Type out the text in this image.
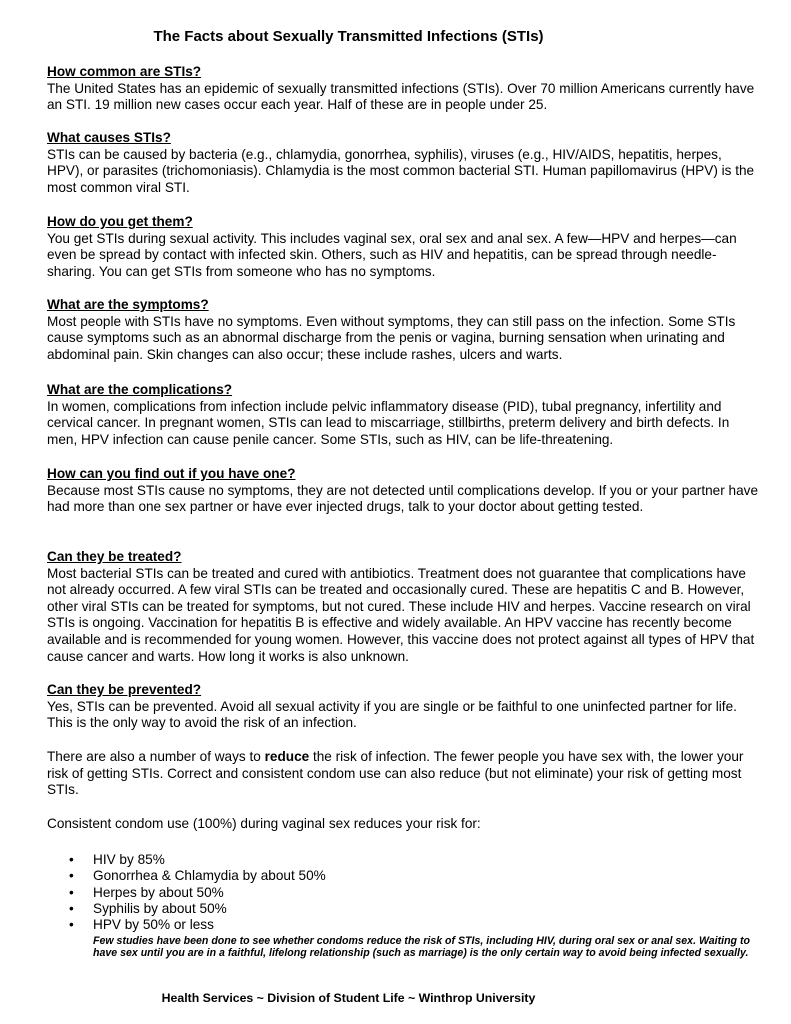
The Facts about Sexually Transmitted Infections (STIs)
How common are STIs?
The United States has an epidemic of sexually transmitted infections (STIs). Over 70 million Americans currently have an STI. 19 million new cases occur each year. Half of these are in people under 25.
What causes STIs?
STIs can be caused by bacteria (e.g., chlamydia, gonorrhea, syphilis), viruses (e.g., HIV/AIDS, hepatitis, herpes, HPV), or parasites (trichomoniasis). Chlamydia is the most common bacterial STI. Human papillomavirus (HPV) is the most common viral STI.
How do you get them?
You get STIs during sexual activity. This includes vaginal sex, oral sex and anal sex. A few—HPV and herpes—can even be spread by contact with infected skin. Others, such as HIV and hepatitis, can be spread through needle-sharing. You can get STIs from someone who has no symptoms.
What are the symptoms?
Most people with STIs have no symptoms. Even without symptoms, they can still pass on the infection. Some STIs cause symptoms such as an abnormal discharge from the penis or vagina, burning sensation when urinating and abdominal pain. Skin changes can also occur; these include rashes, ulcers and warts.
What are the complications?
In women, complications from infection include pelvic inflammatory disease (PID), tubal pregnancy, infertility and cervical cancer. In pregnant women, STIs can lead to miscarriage, stillbirths, preterm delivery and birth defects. In men, HPV infection can cause penile cancer. Some STIs, such as HIV, can be life-threatening.
How can you find out if you have one?
Because most STIs cause no symptoms, they are not detected until complications develop. If you or your partner have had more than one sex partner or have ever injected drugs, talk to your doctor about getting tested.
Can they be treated?
Most bacterial STIs can be treated and cured with antibiotics. Treatment does not guarantee that complications have not already occurred. A few viral STIs can be treated and occasionally cured. These are hepatitis C and B. However, other viral STIs can be treated for symptoms, but not cured. These include HIV and herpes. Vaccine research on viral STIs is ongoing. Vaccination for hepatitis B is effective and widely available. An HPV vaccine has recently become available and is recommended for young women. However, this vaccine does not protect against all types of HPV that cause cancer and warts. How long it works is also unknown.
Can they be prevented?
Yes, STIs can be prevented. Avoid all sexual activity if you are single or be faithful to one uninfected partner for life. This is the only way to avoid the risk of an infection.
There are also a number of ways to reduce the risk of infection. The fewer people you have sex with, the lower your risk of getting STIs. Correct and consistent condom use can also reduce (but not eliminate) your risk of getting most STIs.
Consistent condom use (100%) during vaginal sex reduces your risk for:
• HIV by 85%
• Gonorrhea & Chlamydia by about 50%
• Herpes by about 50%
• Syphilis by about 50%
• HPV by 50% or less
Few studies have been done to see whether condoms reduce the risk of STIs, including HIV, during oral sex or anal sex. Waiting to have sex until you are in a faithful, lifelong relationship (such as marriage) is the only certain way to avoid being infected sexually.
Health Services ~ Division of Student Life ~ Winthrop University
